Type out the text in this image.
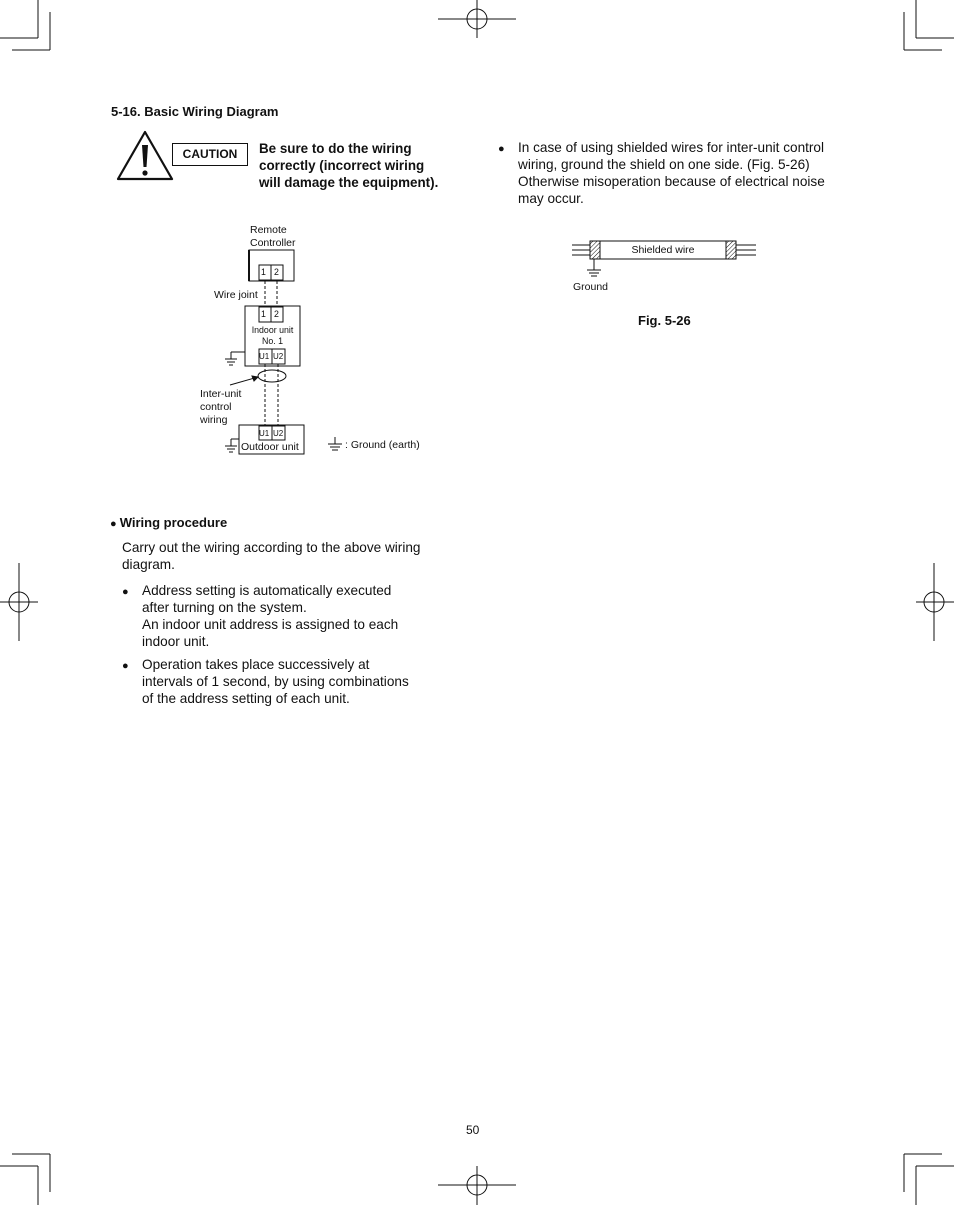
5-16. Basic Wiring Diagram
CAUTION	Be sure to do the wiring
correctly (incorrect wiring
will damage the equipment).
Remote
Controller
1 2
Wire joint
1 2
Indoor unit
No. 1
U1 U2
Inter-unit
control
wiring
U1 U2
Outdoor unit	: Ground (earth)
● In case of using shielded wires for inter-unit control
wiring, ground the shield on one side. (Fig. 5-26)
Otherwise misoperation because of electrical noise
may occur.
Shielded wire
Ground
Fig. 5-26
● Wiring procedure
Carry out the wiring according to the above wiring
diagram.
● Address setting is automatically executed
after turning on the system.
An indoor unit address is assigned to each
indoor unit.
● Operation takes place successively at
intervals of 1 second, by using combinations
of the address setting of each unit.
50
